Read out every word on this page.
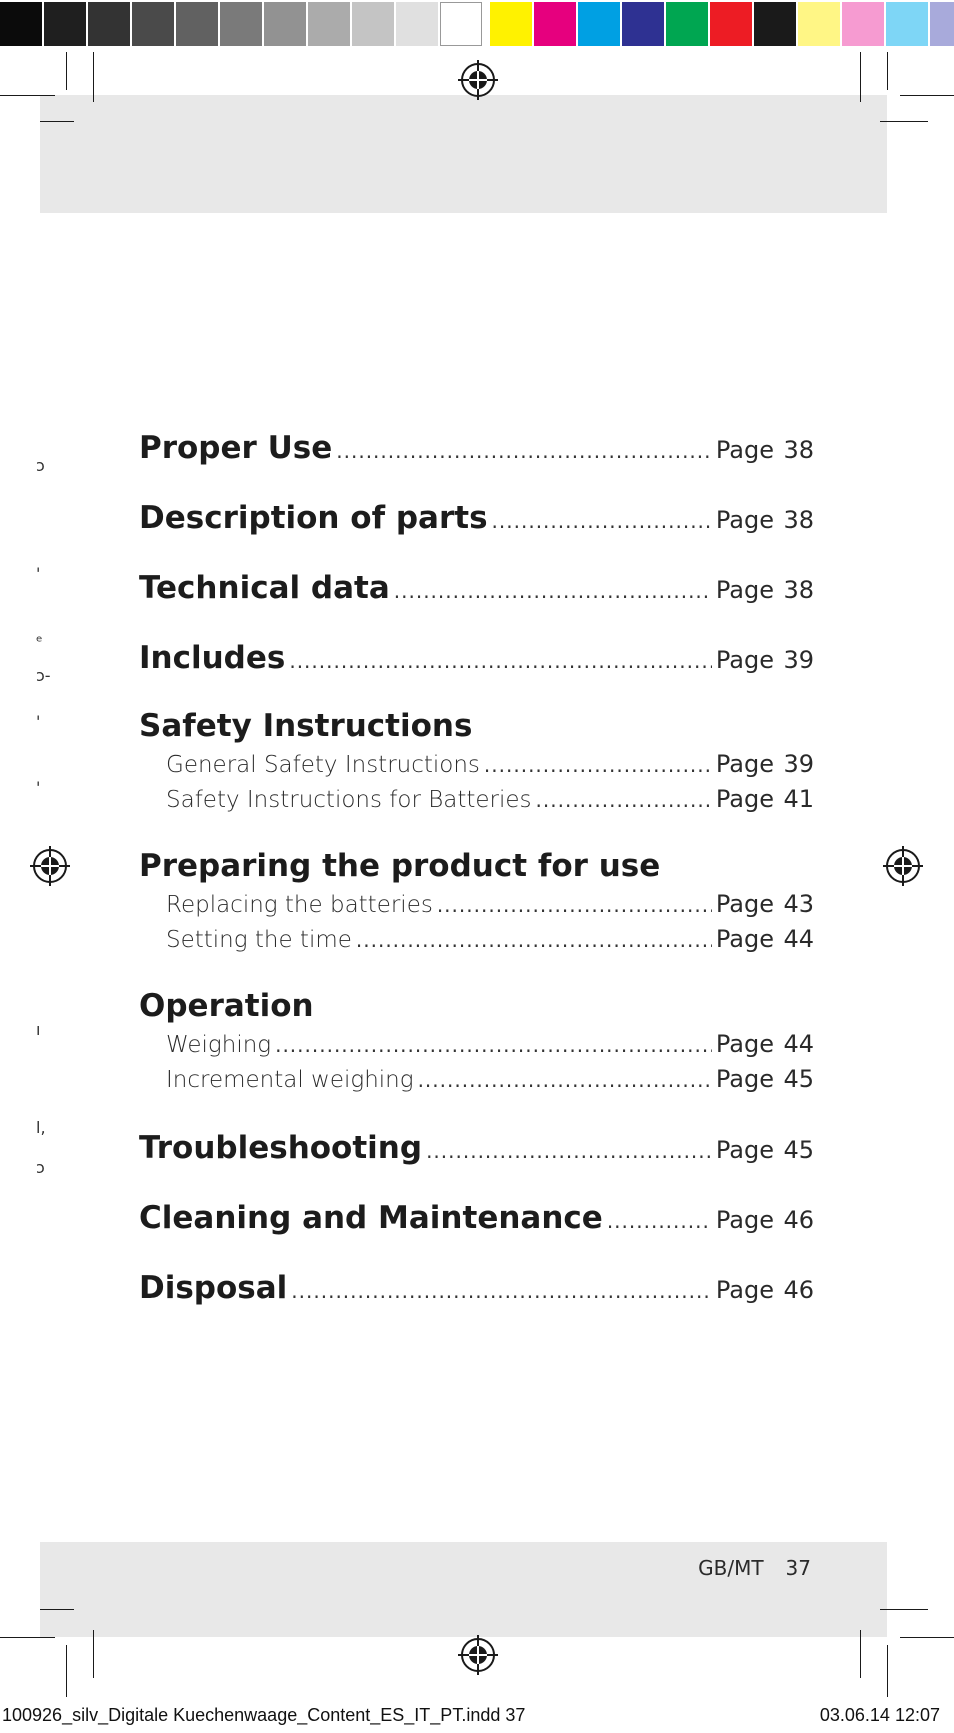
ɔ
'
ᵉ
ɔ-
'
'
ı
l,
ɔ
Proper Use .....	Page 38
Description of parts .....	Page 38
Technical data .....	Page 38
Includes .....	Page 39
Safety Instructions
General Safety Instructions .....	Page 39
Safety Instructions for Batteries .....	Page 41
Preparing the product for use
Replacing the batteries .....	Page 43
Setting the time .....	Page 44
Operation
Weighing .....	Page 44
Incremental weighing .....	Page 45
Troubleshooting .....	Page 45
Cleaning and Maintenance .....	Page 46
Disposal .....	Page 46
GB/MT 37
100926_silv_Digitale Kuechenwaage_Content_ES_IT_PT.indd 37	03.06.14 12:07
